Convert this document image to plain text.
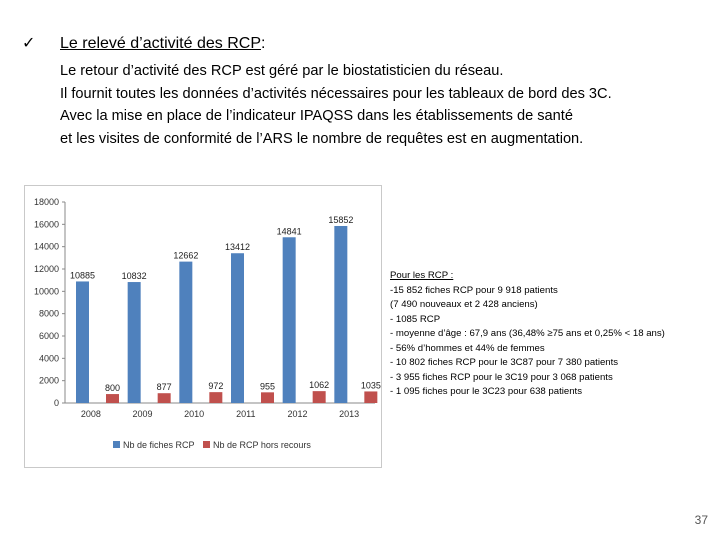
✓	Le relevé d’activité des RCP:
Le retour d’activité des RCP est géré par le biostatisticien du réseau.
Il fournit toutes les données d’activités nécessaires pour les tableaux de bord des 3C.
Avec la mise en place de l’indicateur IPAQSS dans les établissements de santé
et les visites de conformité de l’ARS le nombre de requêtes est en augmentation.
0
2000
4000
6000
8000
10000
12000
14000
16000
18000
10885
800
2008
10832
877
2009
12662
972
2010
13412
955
2011
14841
1062
2012
15852
1035
2013
Nb de fiches RCP Nb de RCP hors recours
Pour les RCP :
-15 852 fiches RCP pour 9 918 patients
(7 490 nouveaux et 2 428 anciens)
- 1085 RCP
- moyenne d’âge : 67,9 ans (36,48% ≥75 ans et 0,25% < 18 ans)
- 56% d’hommes et 44% de femmes
- 10 802 fiches RCP pour le 3C87 pour 7 380 patients
- 3 955 fiches RCP pour le 3C19 pour 3 068 patients
- 1 095 fiches pour le 3C23 pour 638 patients
37
